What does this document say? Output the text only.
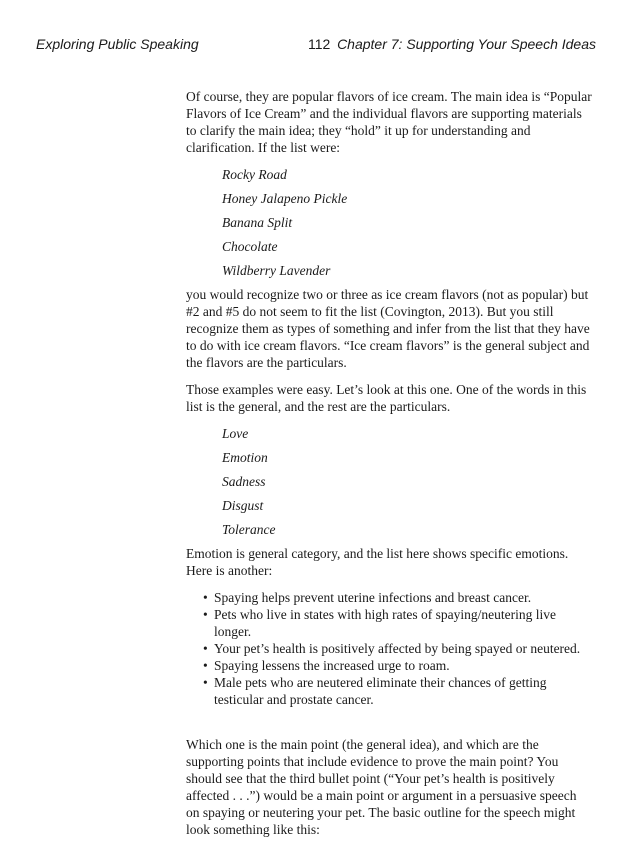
Exploring Public Speaking	112 Chapter 7: Supporting Your Speech Ideas

Of course, they are popular flavors of ice cream. The main idea is “Popular Flavors of Ice Cream” and the individual flavors are supporting materials to clarify the main idea; they “hold” it up for understanding and clarification. If the list were:

Rocky Road
Honey Jalapeno Pickle
Banana Split
Chocolate
Wildberry Lavender

you would recognize two or three as ice cream flavors (not as popular) but #2 and #5 do not seem to fit the list (Covington, 2013). But you still recognize them as types of something and infer from the list that they have to do with ice cream flavors. “Ice cream flavors” is the general subject and the flavors are the particulars.

Those examples were easy. Let’s look at this one. One of the words in this list is the general, and the rest are the particulars.

Love
Emotion
Sadness
Disgust
Tolerance

Emotion is general category, and the list here shows specific emotions. Here is another:

• Spaying helps prevent uterine infections and breast cancer.
• Pets who live in states with high rates of spaying/neutering live longer.
• Your pet’s health is positively affected by being spayed or neutered.
• Spaying lessens the increased urge to roam.
• Male pets who are neutered eliminate their chances of getting testicular and prostate cancer.

Which one is the main point (the general idea), and which are the supporting points that include evidence to prove the main point? You should see that the third bullet point (“Your pet’s health is positively affected . . .”) would be a main point or argument in a persuasive speech on spaying or neutering your pet. The basic outline for the speech might look something like this:
